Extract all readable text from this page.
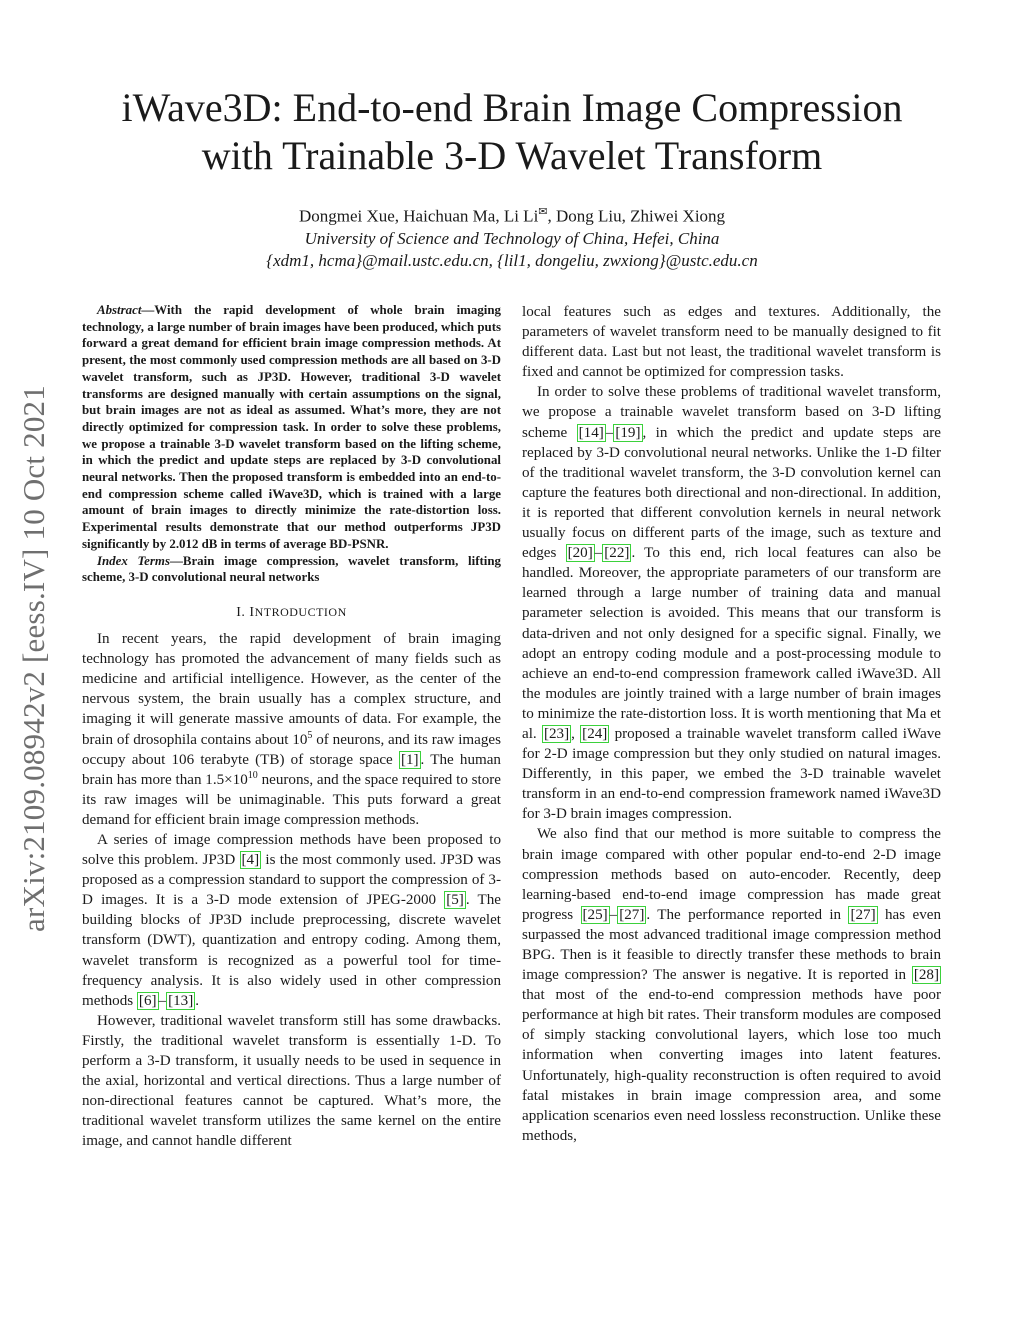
iWave3D: End-to-end Brain Image Compression
with Trainable 3-D Wavelet Transform
Dongmei Xue, Haichuan Ma, Li Li✉, Dong Liu, Zhiwei Xiong
University of Science and Technology of China, Hefei, China
{xdm1, hcma}@mail.ustc.edu.cn, {lil1, dongeliu, zwxiong}@ustc.edu.cn
arXiv:2109.08942v2 [eess.IV] 10 Oct 2021

Abstract—With the rapid development of whole brain imaging technology, a large number of brain images have been produced, which puts forward a great demand for efficient brain image compression methods. At present, the most commonly used compression methods are all based on 3-D wavelet transform, such as JP3D. However, traditional 3-D wavelet transforms are designed manually with certain assumptions on the signal, but brain images are not as ideal as assumed. What’s more, they are not directly optimized for compression task. In order to solve these problems, we propose a trainable 3-D wavelet transform based on the lifting scheme, in which the predict and update steps are replaced by 3-D convolutional neural networks. Then the proposed transform is embedded into an end-to-end compression scheme called iWave3D, which is trained with a large amount of brain images to directly minimize the rate-distortion loss. Experimental results demonstrate that our method outperforms JP3D significantly by 2.012 dB in terms of average BD-PSNR.

Index Terms—Brain image compression, wavelet transform, lifting scheme, 3-D convolutional neural networks

I. INTRODUCTION

In recent years, the rapid development of brain imaging technology has promoted the advancement of many fields such as medicine and artificial intelligence. However, as the center of the nervous system, the brain usually has a complex structure, and imaging it will generate massive amounts of data. For example, the brain of drosophila contains about $10^5$ of neurons, and its raw images occupy about 106 terabyte (TB) of storage space [1] . The human brain has more than $1.5\times 10^{10}$ neurons, and the space required to store its raw images will be unimaginable. This puts forward a great demand for efficient brain image compression methods.

A series of image compression methods have been proposed to solve this problem. JP3D [4] is the most commonly used. JP3D was proposed as a compression standard to support the compression of 3-D images. It is a 3-D mode extension of JPEG-2000 [5] . The building blocks of JP3D include preprocessing, discrete wavelet transform (DWT), quantization and entropy coding. Among them, wavelet transform is recognized as a powerful tool for time-frequency analysis. It is also widely used in other compression methods [6] – [13] .

However, traditional wavelet transform still has some drawbacks. Firstly, the traditional wavelet transform is essentially 1-D. To perform a 3-D transform, it usually needs to be used in sequence in the axial, horizontal and vertical directions. Thus a large number of non-directional features cannot be captured. What’s more, the traditional wavelet transform utilizes the same kernel on the entire image, and cannot handle different

local features such as edges and textures. Additionally, the parameters of wavelet transform need to be manually designed to fit different data. Last but not least, the traditional wavelet transform is fixed and cannot be optimized for compression tasks.

In order to solve these problems of traditional wavelet transform, we propose a trainable wavelet transform based on 3-D lifting scheme [14] – [19] , in which the predict and update steps are replaced by 3-D convolutional neural networks. Unlike the 1-D filter of the traditional wavelet transform, the 3-D convolution kernel can capture the features both directional and non-directional. In addition, it is reported that different convolution kernels in neural network usually focus on different parts of the image, such as texture and edges [20] – [22] . To this end, rich local features can also be handled. Moreover, the appropriate parameters of our transform are learned through a large number of training data and manual parameter selection is avoided. This means that our transform is data-driven and not only designed for a specific signal. Finally, we adopt an entropy coding module and a post-processing module to achieve an end-to-end compression framework called iWave3D. All the modules are jointly trained with a large number of brain images to minimize the rate-distortion loss. It is worth mentioning that Ma et al. [23] , [24] proposed a trainable wavelet transform called iWave for 2-D image compression but they only studied on natural images. Differently, in this paper, we embed the 3-D trainable wavelet transform in an end-to-end compression framework named iWave3D for 3-D brain images compression.

We also find that our method is more suitable to compress the brain image compared with other popular end-to-end 2-D image compression methods based on auto-encoder. Recently, deep learning-based end-to-end image compression has made great progress [25] – [27] . The performance reported in [27] has even surpassed the most advanced traditional image compression method BPG. Then is it feasible to directly transfer these methods to brain image compression? The answer is negative. It is reported in [28] that most of the end-to-end compression methods have poor performance at high bit rates. Their transform modules are composed of simply stacking convolutional layers, which lose too much information when converting images into latent features. Unfortunately, high-quality reconstruction is often required to avoid fatal mistakes in brain image compression area, and some application scenarios even need lossless reconstruction. Unlike these methods,
